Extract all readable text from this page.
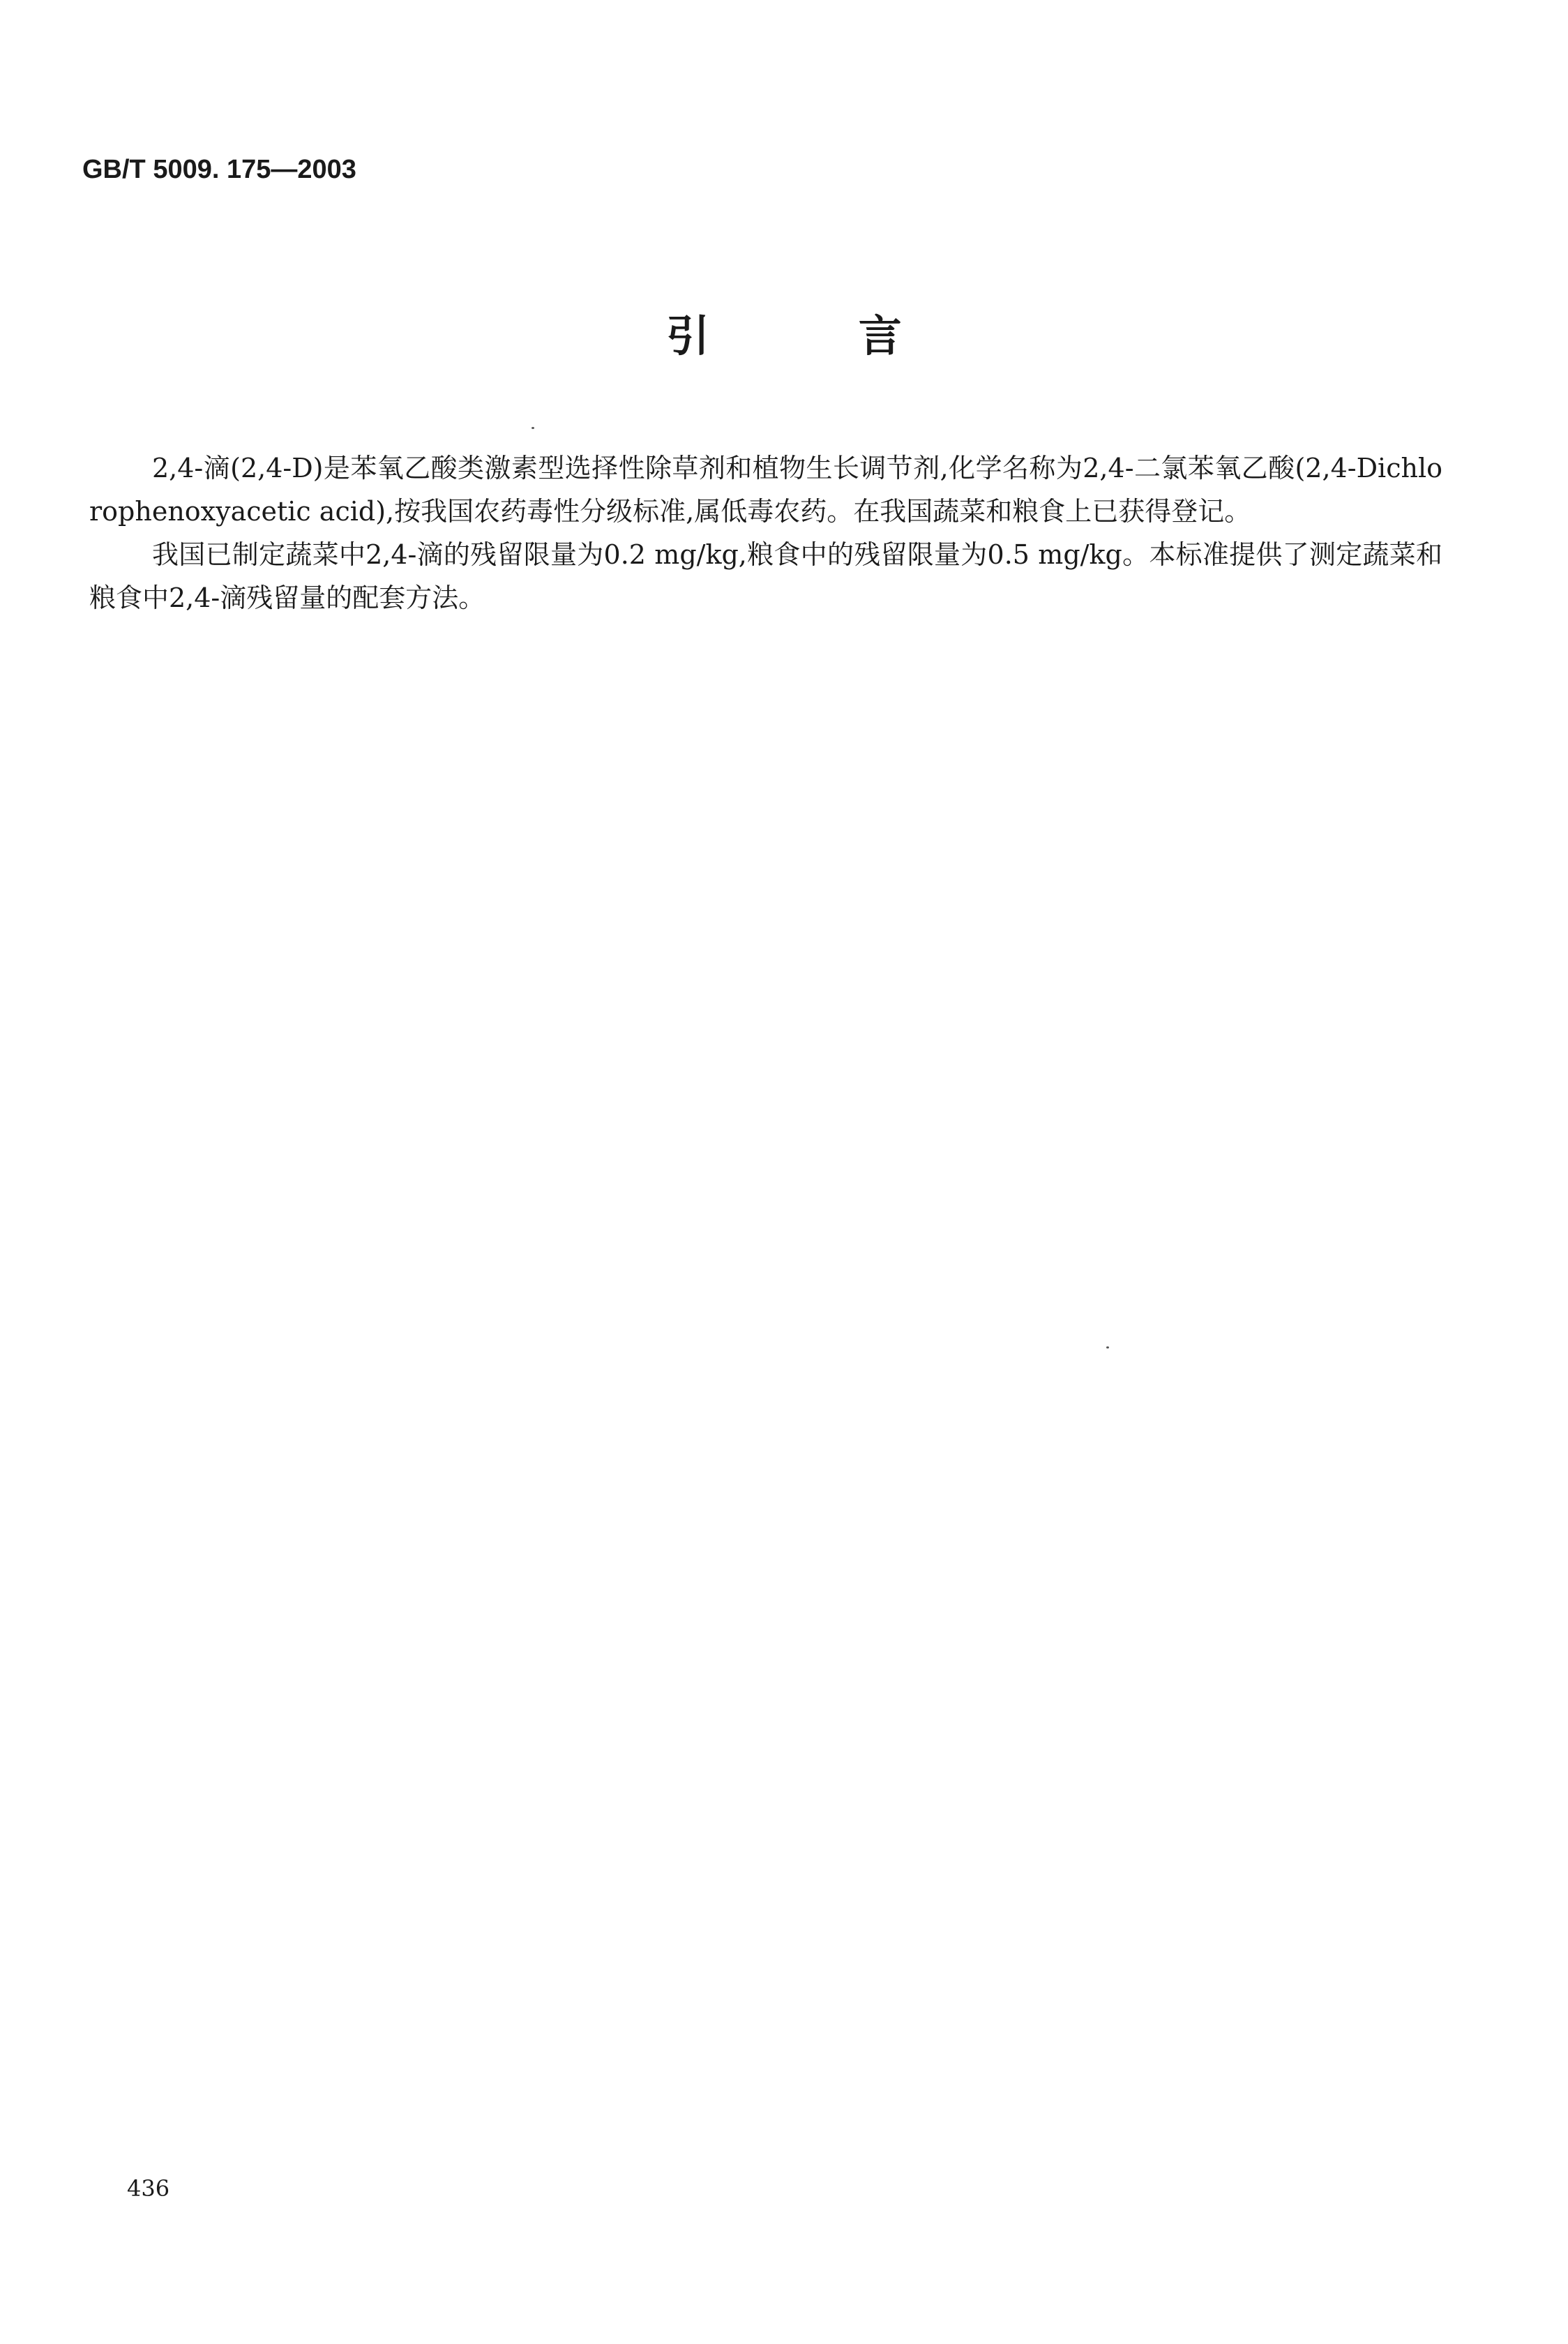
GB/T 5009. 175—2003
引 言

2,4-滴(2,4-D)是苯氧乙酸类激素型选择性除草剂和植物生长调节剂,化学名称为2,4-二氯苯氧乙酸(2,4-Dichlorophenoxyacetic acid),按我国农药毒性分级标准,属低毒农药。在我国蔬菜和粮食上已获得登记。

我国已制定蔬菜中2,4-滴的残留限量为0.2 mg/kg,粮食中的残留限量为0.5 mg/kg。本标准提供了测定蔬菜和粮食中2,4-滴残留量的配套方法。

436
